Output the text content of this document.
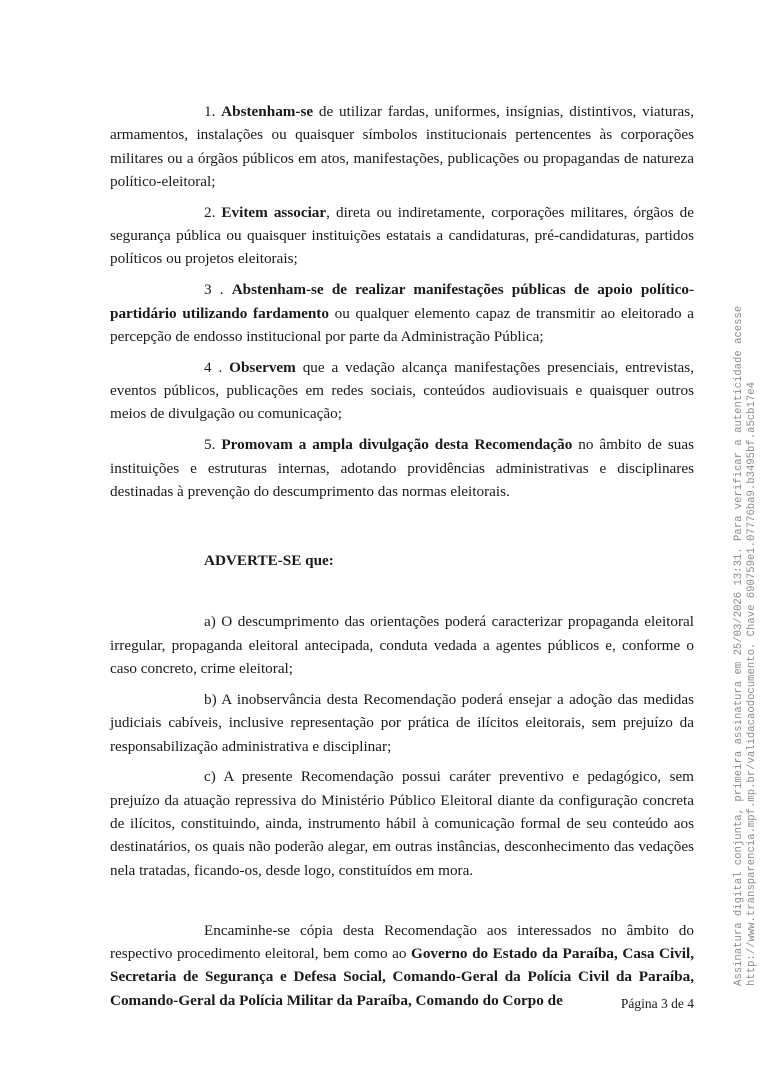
1. Abstenham-se de utilizar fardas, uniformes, insígnias, distintivos, viaturas, armamentos, instalações ou quaisquer símbolos institucionais pertencentes às corporações militares ou a órgãos públicos em atos, manifestações, publicações ou propagandas de natureza político-eleitoral;

2. Evitem associar, direta ou indiretamente, corporações militares, órgãos de segurança pública ou quaisquer instituições estatais a candidaturas, pré-candidaturas, partidos políticos ou projetos eleitorais;

3 . Abstenham-se de realizar manifestações públicas de apoio político-partidário utilizando fardamento ou qualquer elemento capaz de transmitir ao eleitorado a percepção de endosso institucional por parte da Administração Pública;

4 . Observem que a vedação alcança manifestações presenciais, entrevistas, eventos públicos, publicações em redes sociais, conteúdos audiovisuais e quaisquer outros meios de divulgação ou comunicação;

5. Promovam a ampla divulgação desta Recomendação no âmbito de suas instituições e estruturas internas, adotando providências administrativas e disciplinares destinadas à prevenção do descumprimento das normas eleitorais.

ADVERTE-SE que:

a) O descumprimento das orientações poderá caracterizar propaganda eleitoral irregular, propaganda eleitoral antecipada, conduta vedada a agentes públicos e, conforme o caso concreto, crime eleitoral;

b) A inobservância desta Recomendação poderá ensejar a adoção das medidas judiciais cabíveis, inclusive representação por prática de ilícitos eleitorais, sem prejuízo da responsabilização administrativa e disciplinar;

c) A presente Recomendação possui caráter preventivo e pedagógico, sem prejuízo da atuação repressiva do Ministério Público Eleitoral diante da configuração concreta de ilícitos, constituindo, ainda, instrumento hábil à comunicação formal de seu conteúdo aos destinatários, os quais não poderão alegar, em outras instâncias, desconhecimento das vedações nela tratadas, ficando-os, desde logo, constituídos em mora.

Encaminhe-se cópia desta Recomendação aos interessados no âmbito do respectivo procedimento eleitoral, bem como ao Governo do Estado da Paraíba, Casa Civil, Secretaria de Segurança e Defesa Social, Comando-Geral da Polícia Civil da Paraíba, Comando-Geral da Polícia Militar da Paraíba, Comando do Corpo de	Página 3 de 4
Assinatura digital conjunta, primeira assinatura em 25/03/2026 13:31. Para verificar a autenticidade acesse http://www.transparencia.mpf.mp.br/validacaodocumento. Chave 690759e1.07776ba9.b3495bf.a5cb17e4
